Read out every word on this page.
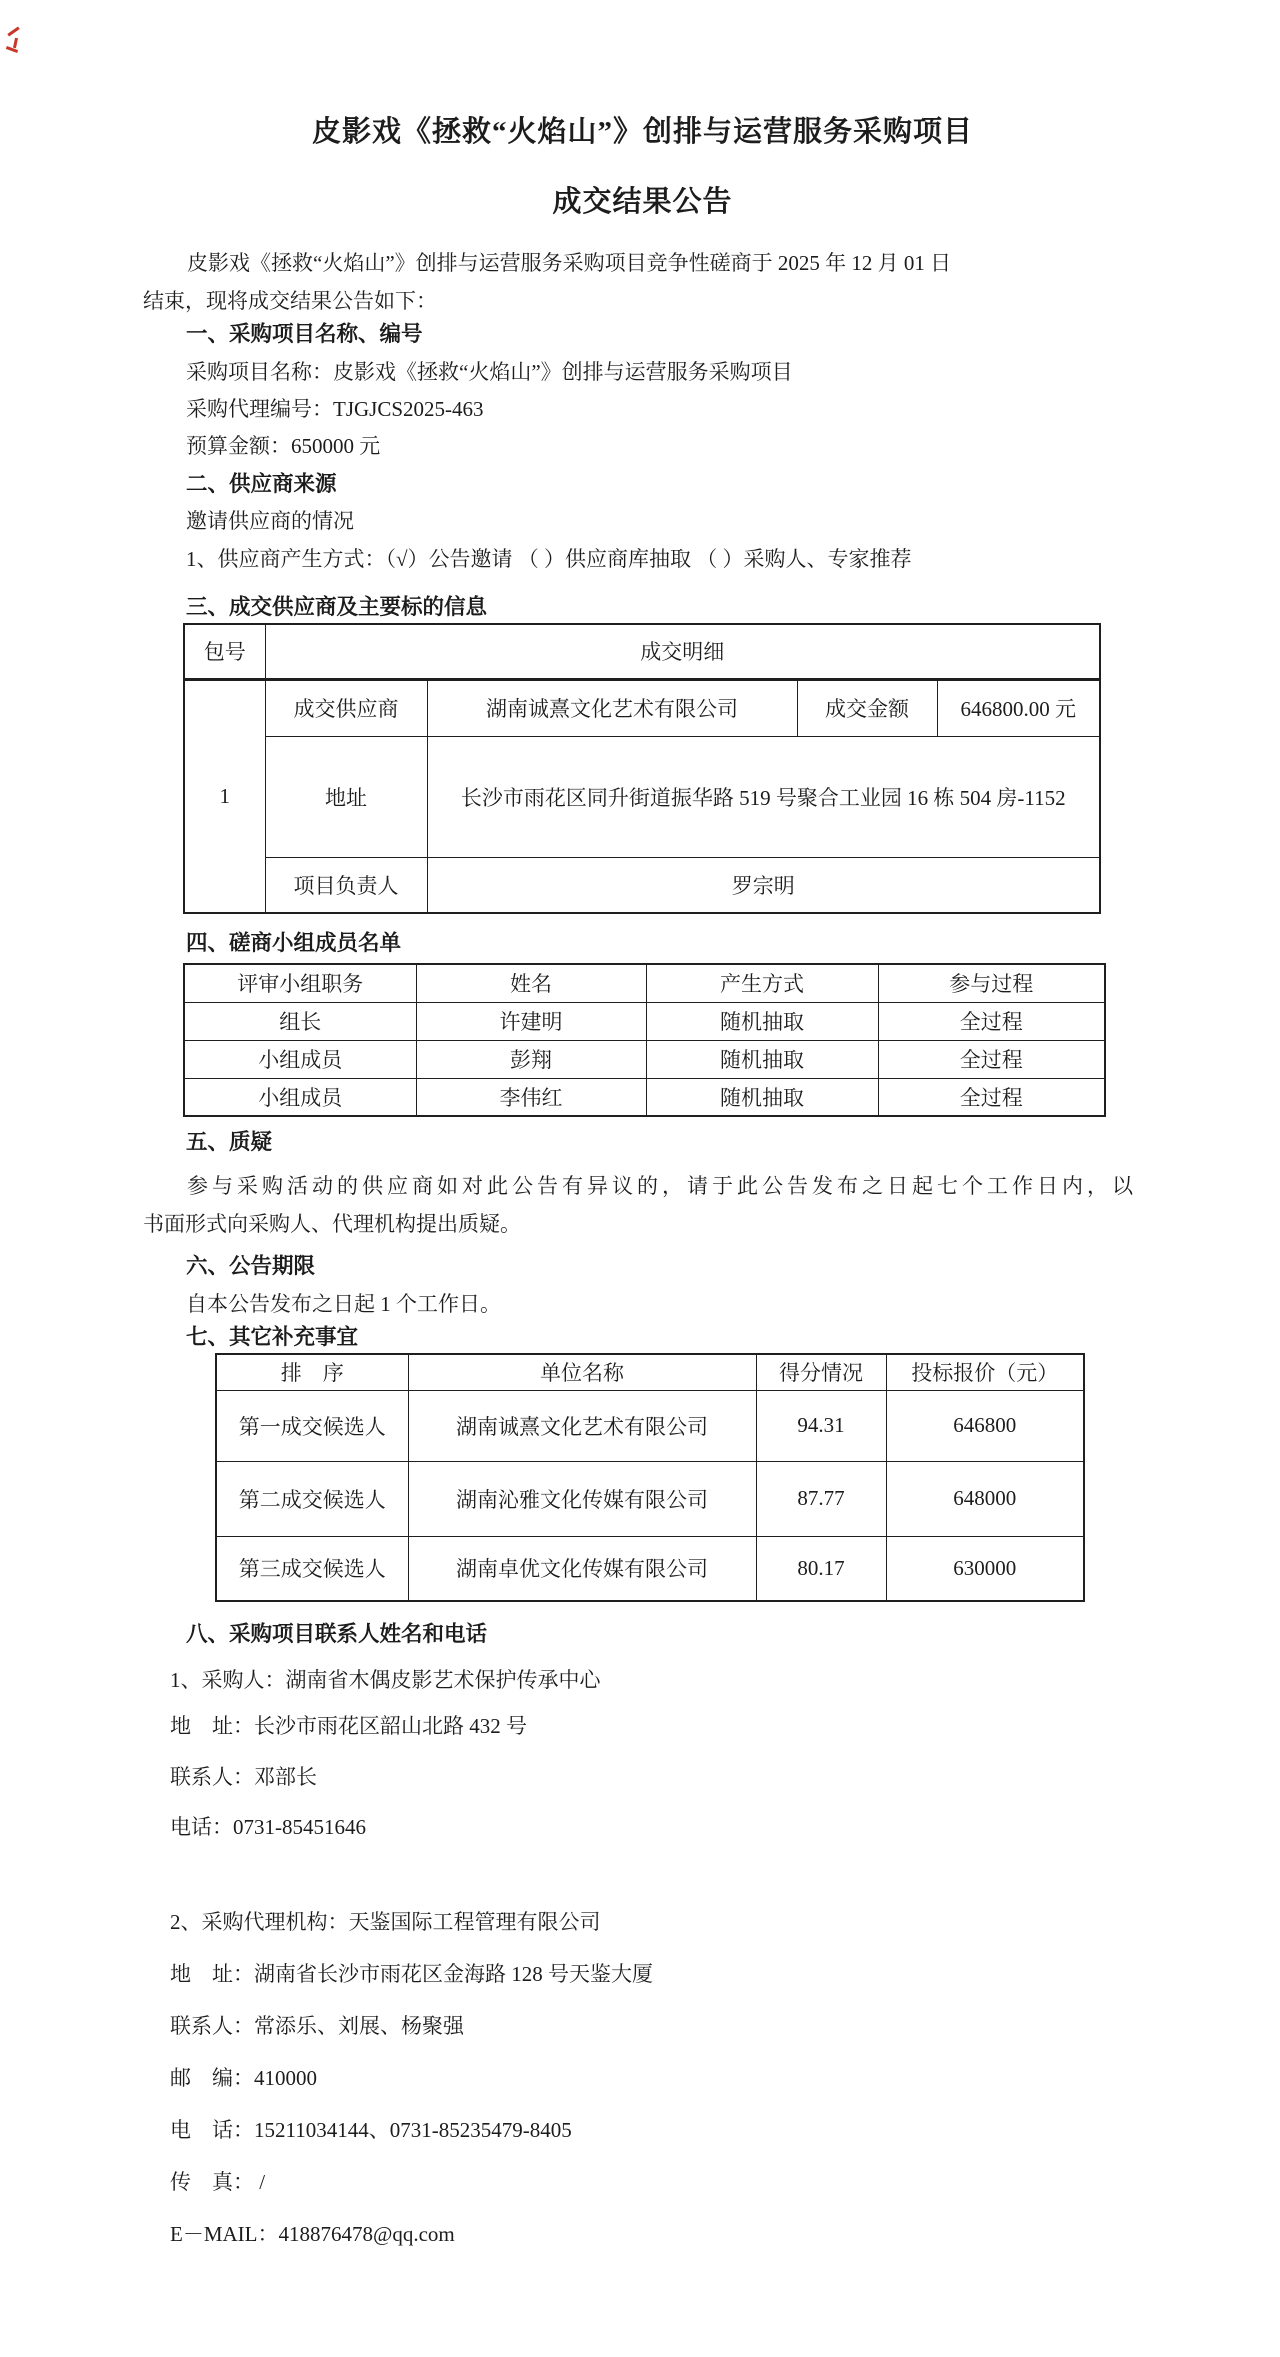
皮影戏《拯救“火焰山”》创排与运营服务采购项目
成交结果公告
皮影戏《拯救“火焰山”》创排与运营服务采购项目竞争性磋商于 2025 年 12 月 01 日
结束，现将成交结果公告如下：
一、采购项目名称、编号
采购项目名称：皮影戏《拯救“火焰山”》创排与运营服务采购项目
采购代理编号：TJGJCS2025-463
预算金额：650000 元
二、供应商来源
邀请供应商的情况
1、供应商产生方式：（√）公告邀请 （ ）供应商库抽取 （ ）采购人、专家推荐
三、成交供应商及主要标的信息
包号	成交明细			
1	成交供应商	湖南诚熹文化艺术有限公司	成交金额	646800.00 元
	地址	长沙市雨花区同升街道振华路 519 号聚合工业园 16 栋 504 房-1152		
	项目负责人	罗宗明		
四、磋商小组成员名单
评审小组职务	姓名	产生方式	参与过程
组长	许建明	随机抽取	全过程
小组成员	彭翔	随机抽取	全过程
小组成员	李伟红	随机抽取	全过程
五、质疑
参与采购活动的供应商如对此公告有异议的，请于此公告发布之日起七个工作日内，以
书面形式向采购人、代理机构提出质疑。
六、公告期限
自本公告发布之日起 1 个工作日。
七、其它补充事宜
排　序	单位名称	得分情况	投标报价（元）
第一成交候选人	湖南诚熹文化艺术有限公司	94.31	646800
第二成交候选人	湖南沁雅文化传媒有限公司	87.77	648000
第三成交候选人	湖南卓优文化传媒有限公司	80.17	630000
八、采购项目联系人姓名和电话
1、采购人：湖南省木偶皮影艺术保护传承中心
地　址：长沙市雨花区韶山北路 432 号
联系人：邓部长
电话：0731-85451646
2、采购代理机构：天鉴国际工程管理有限公司
地　址：湖南省长沙市雨花区金海路 128 号天鉴大厦
联系人：常添乐、刘展、杨聚强
邮　编：410000
电　话：15211034144、0731-85235479-8405
传　真： /
E－MAIL：418876478@qq.com
